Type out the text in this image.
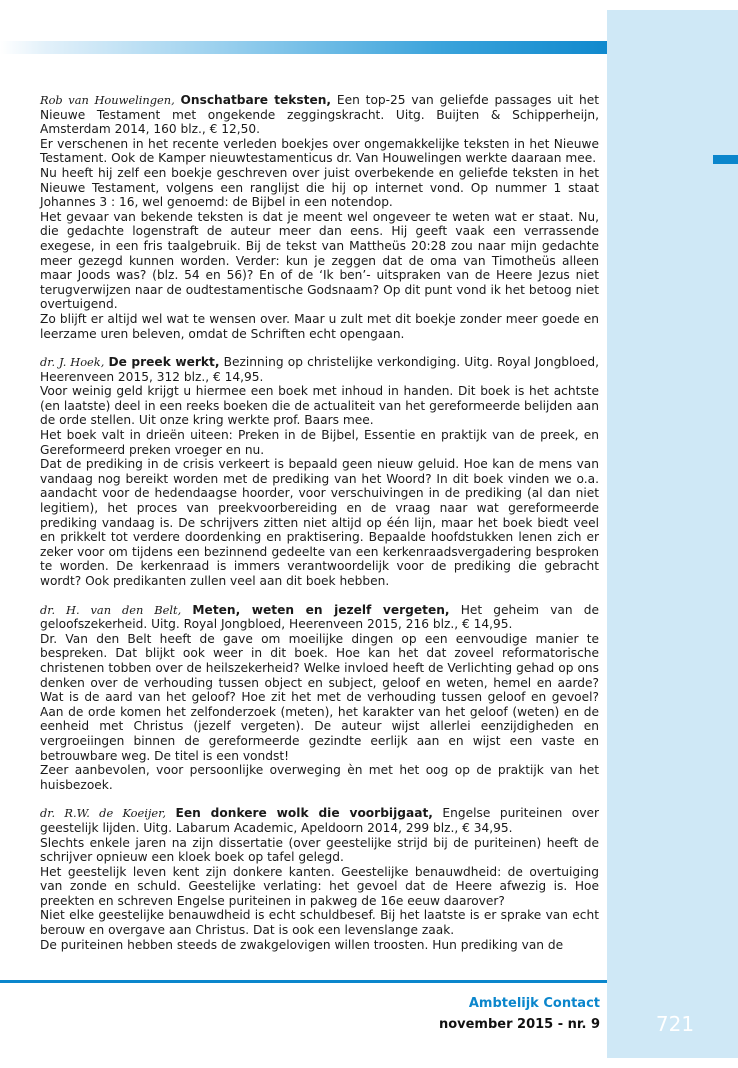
Rob van Houwelingen, Onschatbare teksten, Een top-25 van geliefde passages uit het Nieuwe Testament met ongekende zeggingskracht. Uitg. Buijten & Schipperheijn, Amsterdam 2014, 160 blz., € 12,50.

Er verschenen in het recente verleden boekjes over ongemakkelijke teksten in het Nieuwe Testament. Ook de Kamper nieuwtestamenticus dr. Van Houwelingen werkte daaraan mee.

Nu heeft hij zelf een boekje geschreven over juist overbekende en geliefde teksten in het Nieuwe Testament, volgens een ranglijst die hij op internet vond. Op nummer 1 staat Johannes 3 : 16, wel genoemd: de Bijbel in een notendop.

Het gevaar van bekende teksten is dat je meent wel ongeveer te weten wat er staat. Nu, die gedachte logenstraft de auteur meer dan eens. Hij geeft vaak een verrassende exegese, in een fris taalgebruik. Bij de tekst van Mattheüs 20:28 zou naar mijn gedachte meer gezegd kunnen worden. Verder: kun je zeggen dat de oma van Timotheüs alleen maar Joods was? (blz. 54 en 56)? En of de ‘Ik ben’- uitspraken van de Heere Jezus niet terugverwijzen naar de oudtestamentische Godsnaam? Op dit punt vond ik het betoog niet overtuigend.

Zo blijft er altijd wel wat te wensen over. Maar u zult met dit boekje zonder meer goede en leerzame uren beleven, omdat de Schriften echt opengaan.

dr. J. Hoek, De preek werkt, Bezinning op christelijke verkondiging. Uitg. Royal Jongbloed, Heerenveen 2015, 312 blz., € 14,95.

Voor weinig geld krijgt u hiermee een boek met inhoud in handen. Dit boek is het achtste (en laatste) deel in een reeks boeken die de actualiteit van het gereformeerde belijden aan de orde stellen. Uit onze kring werkte prof. Baars mee.

Het boek valt in drieën uiteen: Preken in de Bijbel, Essentie en praktijk van de preek, en Gereformeerd preken vroeger en nu.

Dat de prediking in de crisis verkeert is bepaald geen nieuw geluid. Hoe kan de mens van vandaag nog bereikt worden met de prediking van het Woord? In dit boek vinden we o.a. aandacht voor de hedendaagse hoorder, voor verschuivingen in de prediking (al dan niet legitiem), het proces van preekvoorbereiding en de vraag naar wat gereformeerde prediking vandaag is. De schrijvers zitten niet altijd op één lijn, maar het boek biedt veel en prikkelt tot verdere doordenking en praktisering. Bepaalde hoofdstukken lenen zich er zeker voor om tijdens een bezinnend gedeelte van een kerkenraadsvergadering besproken te worden. De kerkenraad is immers verantwoordelijk voor de prediking die gebracht wordt? Ook predikanten zullen veel aan dit boek hebben.

dr. H. van den Belt, Meten, weten en jezelf vergeten, Het geheim van de geloofszekerheid. Uitg. Royal Jongbloed, Heerenveen 2015, 216 blz., € 14,95.

Dr. Van den Belt heeft de gave om moeilijke dingen op een eenvoudige manier te bespreken. Dat blijkt ook weer in dit boek. Hoe kan het dat zoveel reformatorische christenen tobben over de heilszekerheid? Welke invloed heeft de Verlichting gehad op ons denken over de verhouding tussen object en subject, geloof en weten, hemel en aarde? Wat is de aard van het geloof? Hoe zit het met de verhouding tussen geloof en gevoel? Aan de orde komen het zelfonderzoek (meten), het karakter van het geloof (weten) en de eenheid met Christus (jezelf vergeten). De auteur wijst allerlei eenzijdigheden en vergroeiingen binnen de gereformeerde gezindte eerlijk aan en wijst een vaste en betrouwbare weg. De titel is een vondst!

Zeer aanbevolen, voor persoonlijke overweging èn met het oog op de praktijk van het huisbezoek.

dr. R.W. de Koeijer, Een donkere wolk die voorbijgaat, Engelse puriteinen over geestelijk lijden. Uitg. Labarum Academic, Apeldoorn 2014, 299 blz., € 34,95.

Slechts enkele jaren na zijn dissertatie (over geestelijke strijd bij de puriteinen) heeft de schrijver opnieuw een kloek boek op tafel gelegd.

Het geestelijk leven kent zijn donkere kanten. Geestelijke benauwdheid: de overtuiging van zonde en schuld. Geestelijke verlating: het gevoel dat de Heere afwezig is. Hoe preekten en schreven Engelse puriteinen in pakweg de 16e eeuw daarover?

Niet elke geestelijke benauwdheid is echt schuldbesef. Bij het laatste is er sprake van echt berouw en overgave aan Christus. Dat is ook een levenslange zaak.

De puriteinen hebben steeds de zwakgelovigen willen troosten. Hun prediking van de

Ambtelijk Contact
november 2015 - nr. 9	721
